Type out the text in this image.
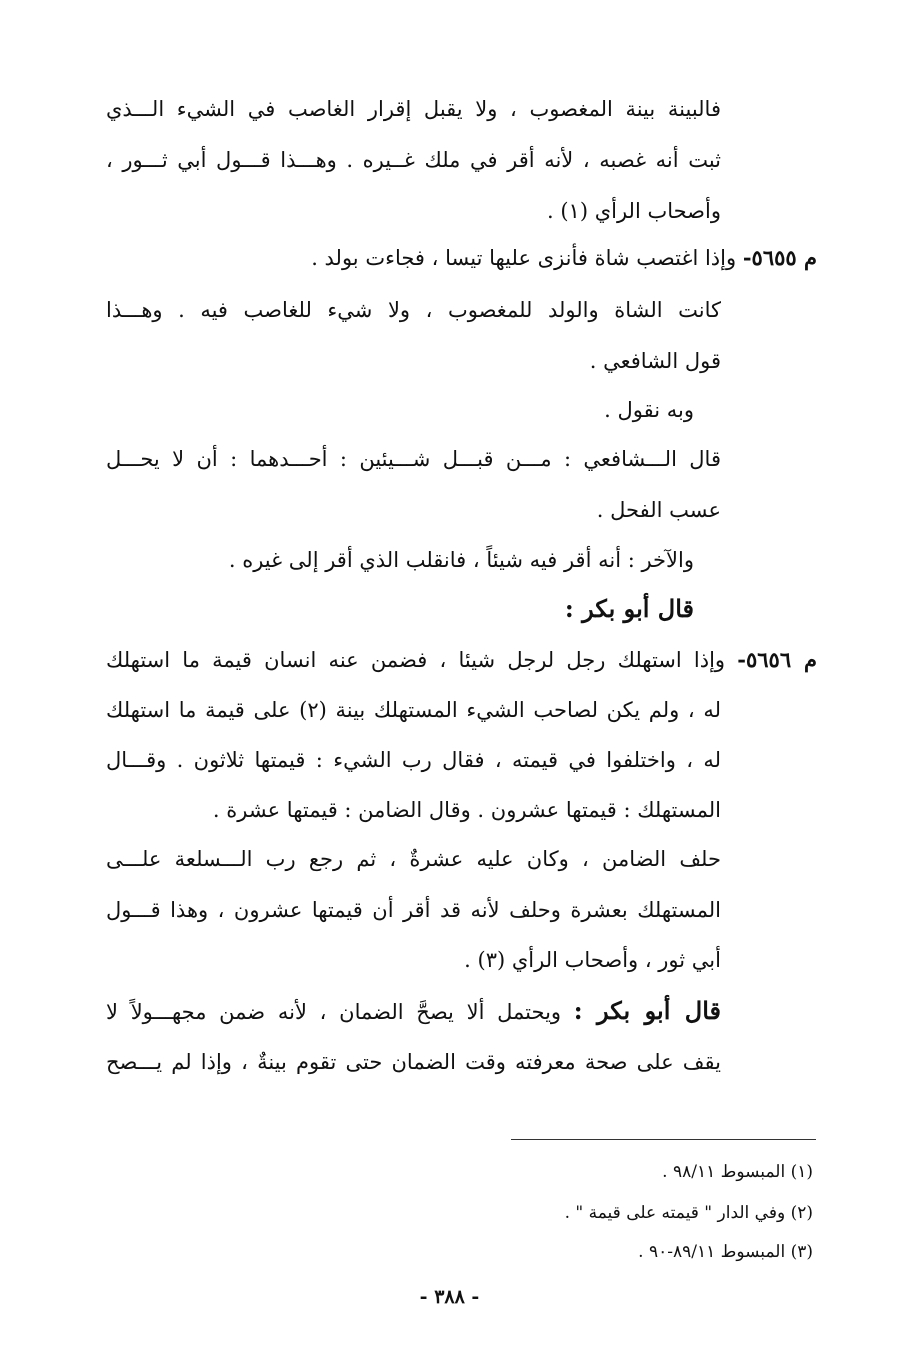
فالبينة بينة المغصوب ، ولا يقبل إقرار الغاصب في الشيء الـــذي
ثبت أنه غصبه ، لأنه أقر في ملك غــيره . وهـــذا قـــول أبي ثـــور ،
وأصحاب الرأي (١) .
م ٥٦٥٥- وإذا اغتصب شاة فأنزى عليها تيسا ، فجاءت بولد .
كانت الشاة والولد للمغصوب ، ولا شيء للغاصب فيه . وهـــذا
قول الشافعي .
وبه نقول .
قال الـــشافعي : مـــن قبـــل شـــيئين : أحـــدهما : أن لا يحـــل
عسب الفحل .
والآخر : أنه أقر فيه شيئاً ، فانقلب الذي أقر إلى غيره .
قال أبو بكر :
م ٥٦٥٦- وإذا استهلك رجل لرجل شيئا ، فضمن عنه انسان قيمة ما استهلك
له ، ولم يكن لصاحب الشيء المستهلك بينة (٢) على قيمة ما استهلك
له ، واختلفوا في قيمته ، فقال رب الشيء : قيمتها ثلاثون . وقـــال
المستهلك : قيمتها عشرون . وقال الضامن : قيمتها عشرة .
حلف الضامن ، وكان عليه عشرةٌ ، ثم رجع رب الـــسلعة علـــى
المستهلك بعشرة وحلف لأنه قد أقر أن قيمتها عشرون ، وهذا قـــول
أبي ثور ، وأصحاب الرأي (٣) .
قال أبو بكر : ويحتمل ألا يصحَّ الضمان ، لأنه ضمن مجهـــولاً لا
يقف على صحة معرفته وقت الضمان حتى تقوم بينةٌ ، وإذا لم يـــصح
(١) المبسوط ٩٨/١١ .
(٢) وفي الدار " قيمته على قيمة " .
(٣) المبسوط ٨٩/١١-٩٠ .
- ٣٨٨ -
